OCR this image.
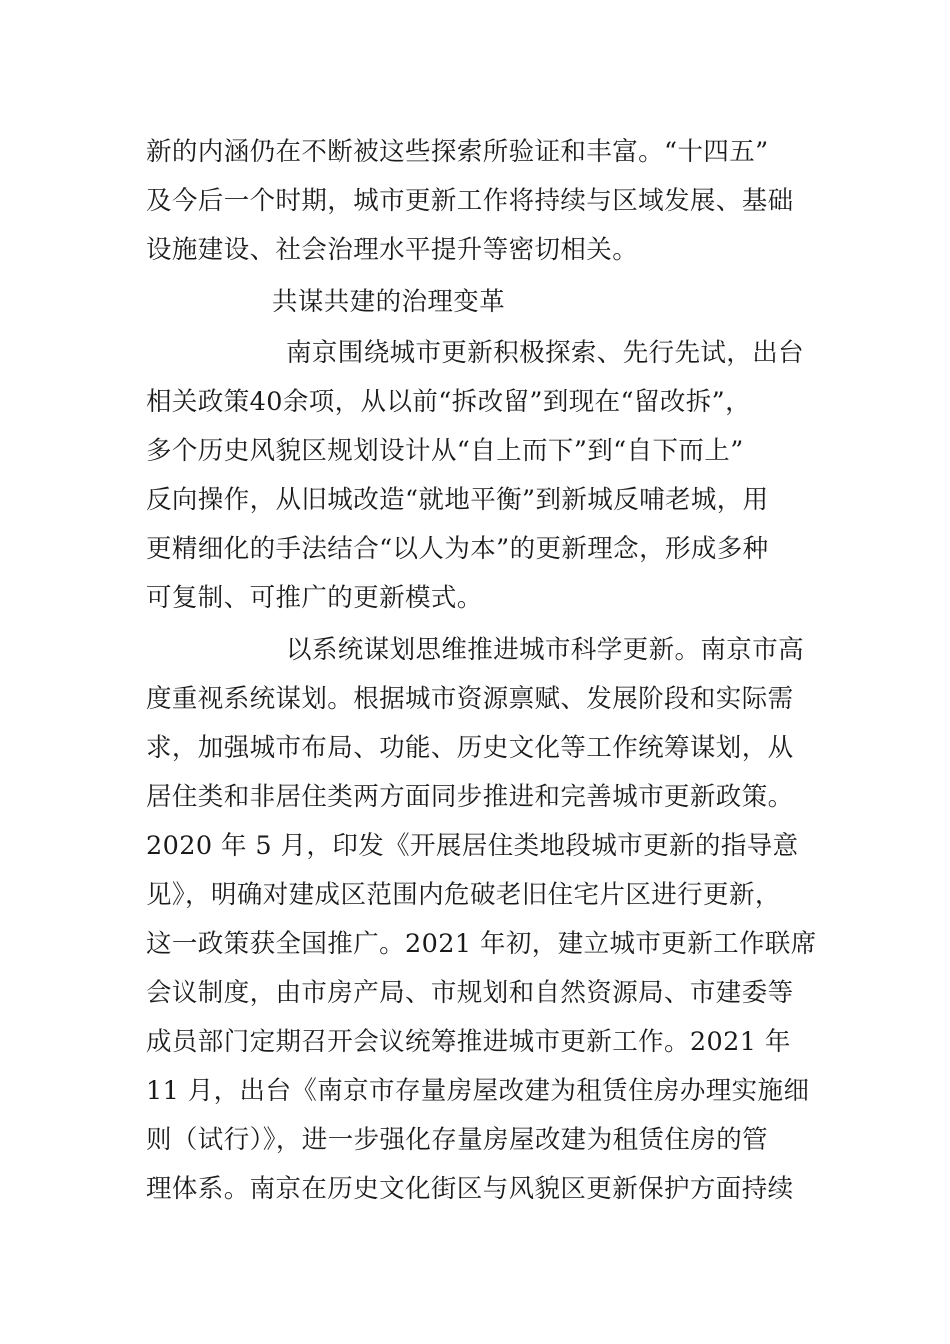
新的内涵仍在不断被这些探索所验证和丰富。“十四五”
及今后一个时期，城市更新工作将持续与区域发展、基础
设施建设、社会治理水平提升等密切相关。
共谋共建的治理变革
南京围绕城市更新积极探索、先行先试，出台
相关政策40余项，从以前“拆改留”到现在“留改拆”，
多个历史风貌区规划设计从“自上而下”到“自下而上”
反向操作，从旧城改造“就地平衡”到新城反哺老城，用
更精细化的手法结合“以人为本”的更新理念，形成多种
可复制、可推广的更新模式。
以系统谋划思维推进城市科学更新。南京市高
度重视系统谋划。根据城市资源禀赋、发展阶段和实际需
求，加强城市布局、功能、历史文化等工作统筹谋划，从
居住类和非居住类两方面同步推进和完善城市更新政策。
2020 年 5 月，印发《开展居住类地段城市更新的指导意
见》，明确对建成区范围内危破老旧住宅片区进行更新，
这一政策获全国推广。2021 年初，建立城市更新工作联席
会议制度，由市房产局、市规划和自然资源局、市建委等
成员部门定期召开会议统筹推进城市更新工作。2021 年
11 月，出台《南京市存量房屋改建为租赁住房办理实施细
则（试行）》，进一步强化存量房屋改建为租赁住房的管
理体系。南京在历史文化街区与风貌区更新保护方面持续
